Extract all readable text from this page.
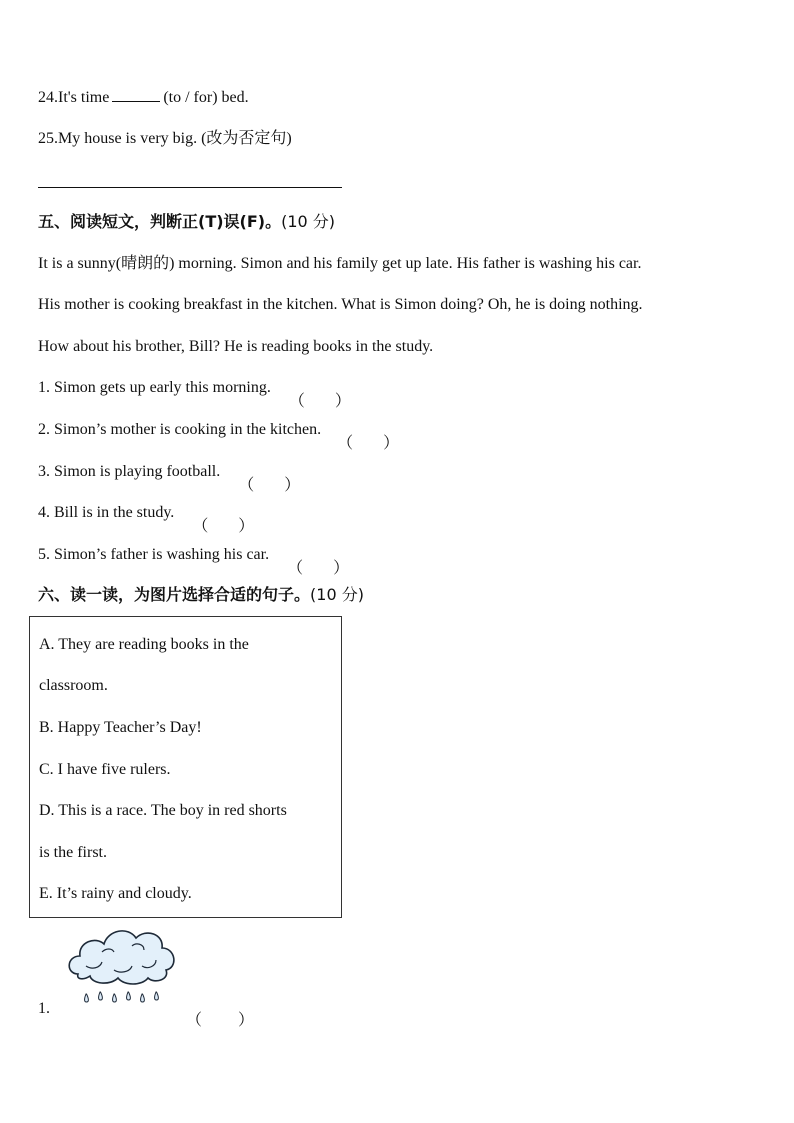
24.It's time	(to / for) bed.
25.My house is very big. (改为否定句)
五、阅读短文，判断正(T)误(F)。(10 分)
It is a sunny(晴朗的) morning. Simon and his family get up late. His father is washing his car.
His mother is cooking breakfast in the kitchen. What is Simon doing? Oh, he is doing nothing.
How about his brother, Bill? He is reading books in the study.
1. Simon gets up early this morning.
（ ）
2. Simon’s mother is cooking in the kitchen.
（ ）
3. Simon is playing football.
（ ）
4. Bill is in the study.
（ ）
5. Simon’s father is washing his car.
（ ）
六、读一读，为图片选择合适的句子。(10 分)
A. They are reading books in the
classroom.
B. Happy Teacher’s Day!
C. I have five rulers.
D. This is a race. The boy in red shorts
is the first.
E. It’s rainy and cloudy.
1.
（ ）
